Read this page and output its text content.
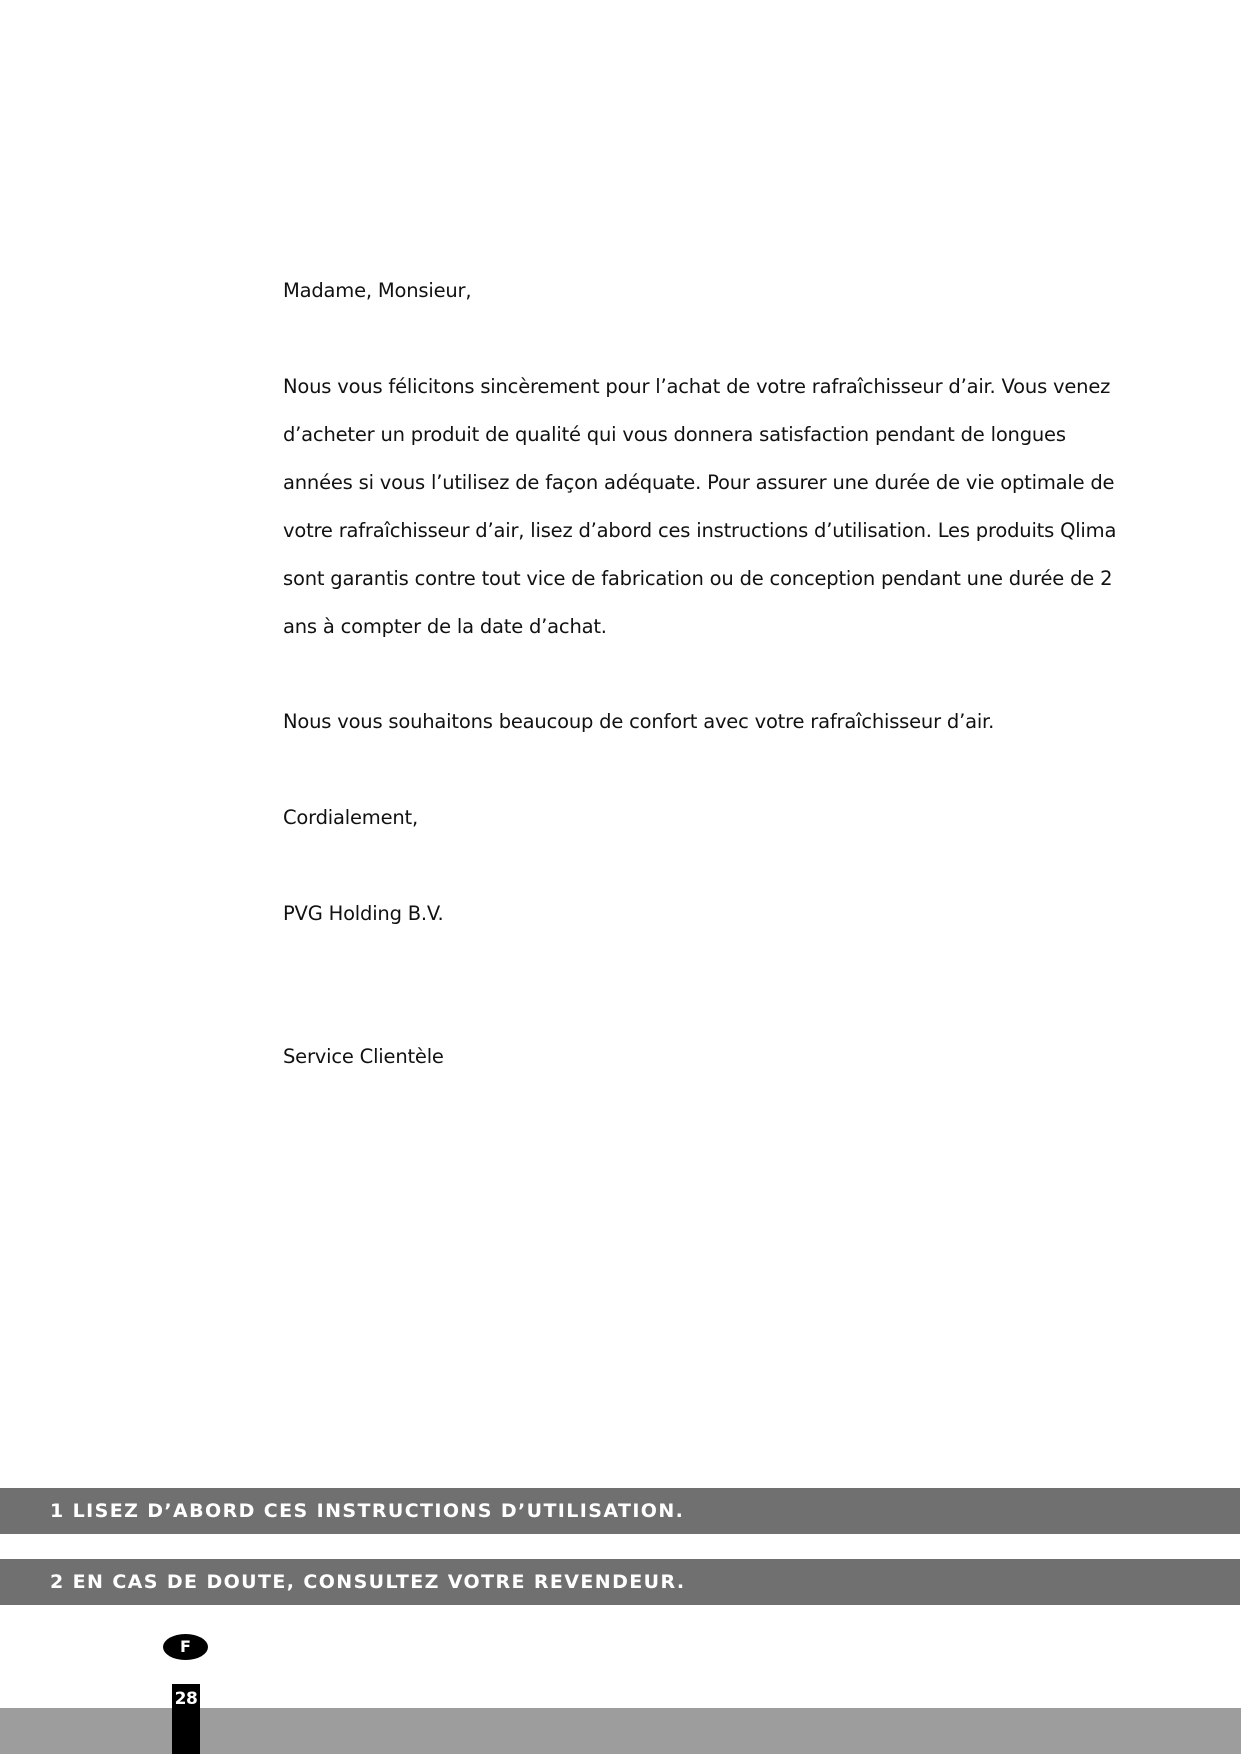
Madame, Monsieur,

Nous vous félicitons sincèrement pour l’achat de votre rafraîchisseur d’air. Vous venez d’acheter un produit de qualité qui vous donnera satisfaction pendant de longues années si vous l’utilisez de façon adéquate. Pour assurer une durée de vie optimale de votre rafraîchisseur d’air, lisez d’abord ces instructions d’utilisation. Les produits Qlima sont garantis contre tout vice de fabrication ou de conception pendant une durée de 2 ans à compter de la date d’achat.

Nous vous souhaitons beaucoup de confort avec votre rafraîchisseur d’air.

Cordialement,

PVG Holding B.V.

Service Clientèle

1 LISEZ D’ABORD CES INSTRUCTIONS D’UTILISATION.
2 EN CAS DE DOUTE, CONSULTEZ VOTRE REVENDEUR.
F
28
